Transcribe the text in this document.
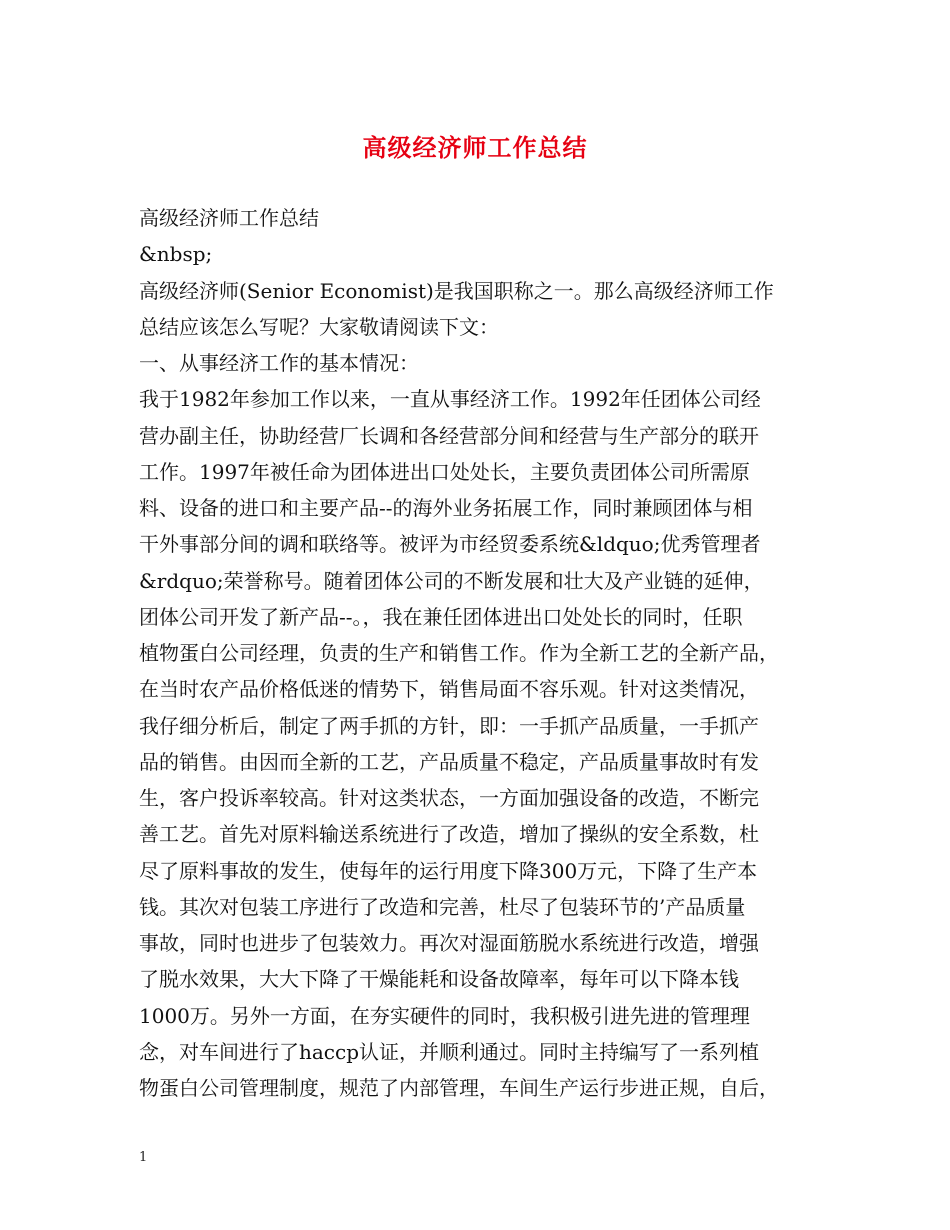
高级经济师工作总结

高级经济师工作总结

&nbsp;

高级经济师(Senior Economist)是我国职称之一。那么高级经济师工作

总结应该怎么写呢？大家敬请阅读下文：

一、从事经济工作的基本情况：

我于1982年参加工作以来，一直从事经济工作。1992年任团体公司经

营办副主任，协助经营厂长调和各经营部分间和经营与生产部分的联开

工作。1997年被任命为团体进出口处处长，主要负责团体公司所需原

料、设备的进口和主要产品--的海外业务拓展工作，同时兼顾团体与相

干外事部分间的调和联络等。被评为市经贸委系统&ldquo;优秀管理者

&rdquo;荣誉称号。随着团体公司的不断发展和壮大及产业链的延伸，

团体公司开发了新产品--。，我在兼任团体进出口处处长的同时，任职

植物蛋白公司经理，负责的生产和销售工作。作为全新工艺的全新产品，

在当时农产品价格低迷的情势下，销售局面不容乐观。针对这类情况，

我仔细分析后，制定了两手抓的方针，即：一手抓产品质量，一手抓产

品的销售。由因而全新的工艺，产品质量不稳定，产品质量事故时有发

生，客户投诉率较高。针对这类状态，一方面加强设备的改造，不断完

善工艺。首先对原料输送系统进行了改造，增加了操纵的安全系数，杜

尽了原料事故的发生，使每年的运行用度下降300万元，下降了生产本

钱。其次对包装工序进行了改造和完善，杜尽了包装环节的’产品质量

事故，同时也进步了包装效力。再次对湿面筋脱水系统进行改造，增强

了脱水效果，大大下降了干燥能耗和设备故障率，每年可以下降本钱

1000万。另外一方面，在夯实硬件的同时，我积极引进先进的管理理

念，对车间进行了haccp认证，并顺利通过。同时主持编写了一系列植

物蛋白公司管理制度，规范了内部管理，车间生产运行步进正规，自后，

1
